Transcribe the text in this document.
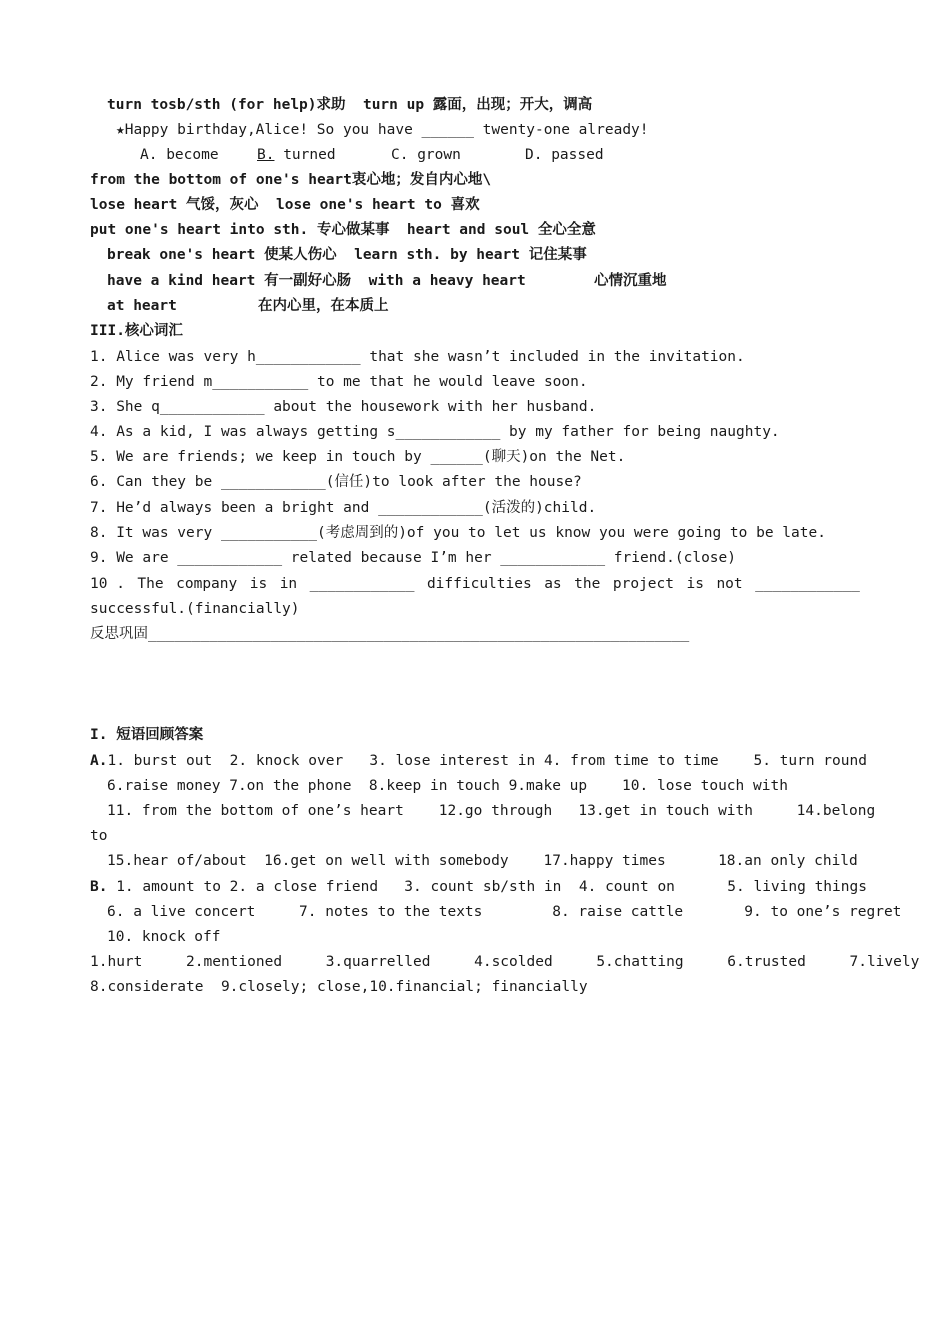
turn tosb/sth (for help)求助  turn up 露面，出现；开大，调高
★Happy birthday,Alice! So you have ______ twenty-one already!
A. become	B. turned	C. grown	D. passed
from the bottom of one's heart衷心地；发自内心地\
lose heart 气馁，灰心  lose one's heart to 喜欢
put one's heart into sth. 专心做某事  heart and soul 全心全意
break one's heart 使某人伤心  learn sth. by heart 记住某事
have a kind heart 有一副好心肠  with a heavy heart	心情沉重地
at heart	在内心里，在本质上
III.核心词汇
1. Alice was very h____________ that she wasn’t included in the invitation.
2. My friend m___________ to me that he would leave soon.
3. She q____________ about the housework with her husband.
4. As a kid, I was always getting s____________ by my father for being naughty.
5. We are friends; we keep in touch by ______(聊天)on the Net.
6. Can they be ____________(信任)to look after the house?
7. He’d always been a bright and ____________(活泼的)child.
8. It was very ___________(考虑周到的)of you to let us know you were going to be late.
9. We are ____________ related because I’m her ____________ friend.(close)
10 . The company is in ____________ difficulties as the project is not ____________
successful.(financially)
反思巩固______________________________________________________________
I. 短语回顾答案
A.1. burst out  2. knock over   3. lose interest in 4. from time to time    5. turn round
6.raise money 7.on the phone  8.keep in touch 9.make up    10. lose touch with
11. from the bottom of one’s heart    12.go through   13.get in touch with     14.belong
to
15.hear of/about  16.get on well with somebody    17.happy times      18.an only child
B. 1. amount to 2. a close friend   3. count sb/sth in  4. count on      5. living things
6. a live concert     7. notes to the texts        8. raise cattle       9. to one’s regret
10. knock off
1.hurt     2.mentioned     3.quarrelled     4.scolded     5.chatting     6.trusted     7.lively
8.considerate  9.closely; close,10.financial; financially
